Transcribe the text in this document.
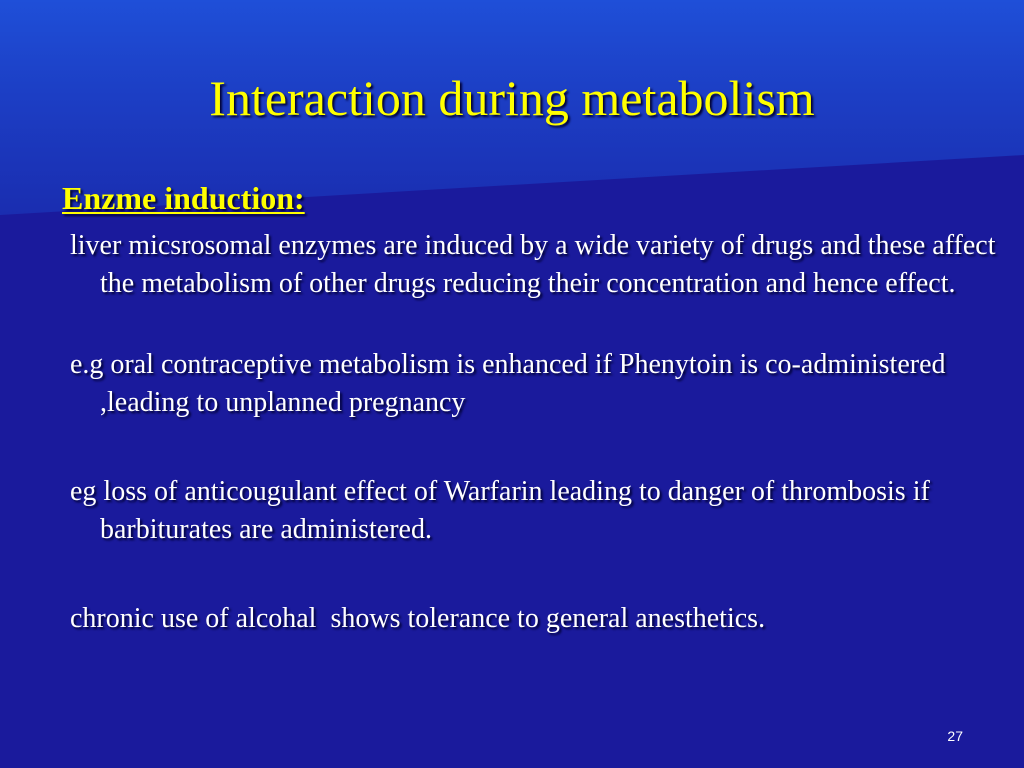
Interaction during metabolism
Enzme induction:
liver micsrosomal enzymes are induced by a wide variety of drugs and these affect the metabolism of other drugs reducing their concentration and hence effect.
e.g oral contraceptive metabolism is enhanced if Phenytoin is co-administered ,leading to unplanned pregnancy
eg loss of anticougulant effect of Warfarin leading to danger of thrombosis if barbiturates are administered.
chronic use of alcohal  shows tolerance to general anesthetics.
27
